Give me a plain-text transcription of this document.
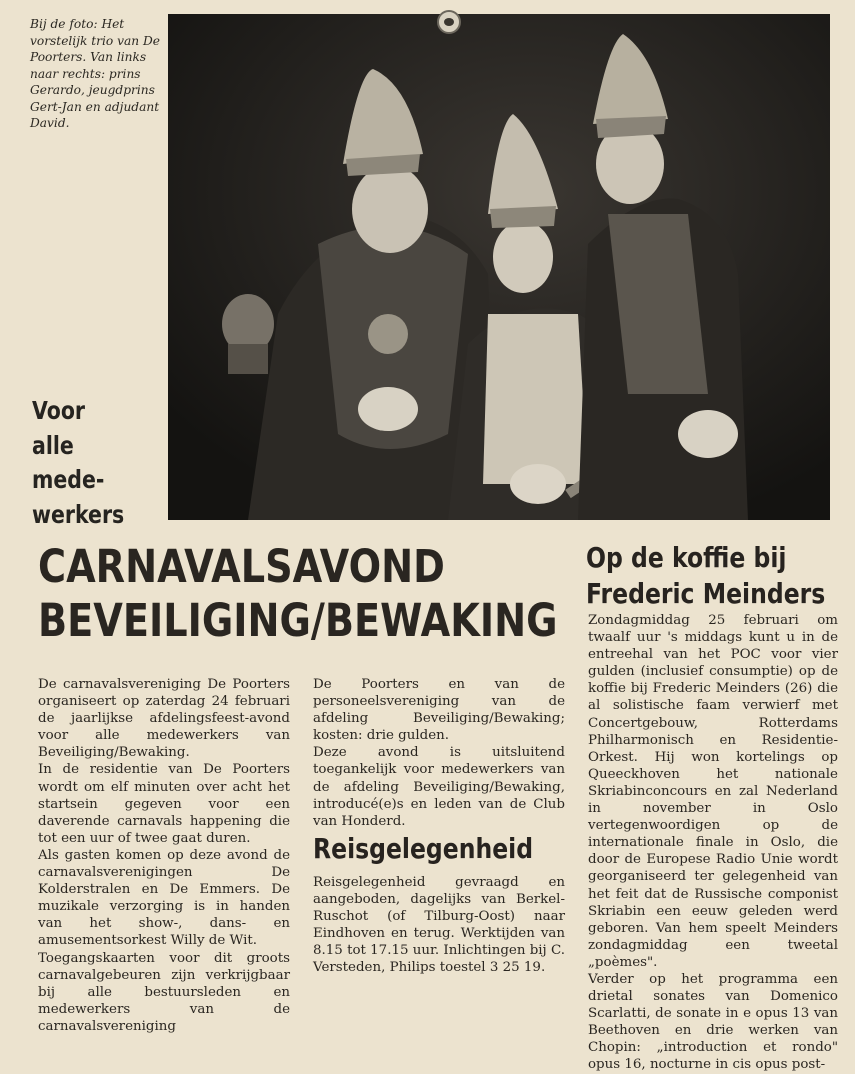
Bij de foto: Het vorstelijk trio van De Poorters. Van links naar rechts: prins Gerardo, jeugdprins Gert-Jan en adjudant David.
Voor
alle
mede-
werkers
CARNAVALSAVOND
BEVEILIGING/BEWAKING

De carnavalsvereniging De Poorters organiseert op zaterdag 24 februari de jaarlijkse afdelingsfeest-avond voor alle medewerkers van Beveiliging/Bewaking.

In de residentie van De Poorters wordt om elf minuten over acht het startsein gegeven voor een daverende carnavals happening die tot een uur of twee gaat duren.

Als gasten komen op deze avond de carnavalsverenigingen De Kolderstralen en De Emmers. De muzikale verzorging is in handen van het show-, dans- en amusementsorkest Willy de Wit.

Toegangskaarten voor dit groots carnavalgebeuren zijn verkrijgbaar bij alle bestuursleden en medewerkers van de carnavalsvereniging

De Poorters en van de personeelsvereniging van de afdeling Beveiliging/Bewaking; kosten: drie gulden.

Deze avond is uitsluitend toegankelijk voor medewerkers van de afdeling Beveiliging/Bewaking, introducé(e)s en leden van de Club van Honderd.

Reisgelegenheid

Reisgelegenheid gevraagd en aangeboden, dagelijks van Berkel-Ruschot (of Tilburg-Oost) naar Eindhoven en terug. Werktijden van 8.15 tot 17.15 uur. Inlichtingen bij C. Versteden, Philips toestel 3 25 19.

Op de koffie bij
Frederic Meinders

Zondagmiddag 25 februari om twaalf uur 's middags kunt u in de entreehal van het POC voor vier gulden (inclusief consumptie) op de koffie bij Frederic Meinders (26) die al solistische faam verwierf met Concertgebouw, Rotterdams Philharmonisch en Residentie-Orkest. Hij won kortelings op Queeckhoven het nationale Skriabinconcours en zal Nederland in november in Oslo vertegenwoordigen op de internationale finale in Oslo, die door de Europese Radio Unie wordt georganiseerd ter gelegenheid van het feit dat de Russische componist Skriabin een eeuw geleden werd geboren. Van hem speelt Meinders zondagmiddag een tweetal „poèmes".

Verder op het programma een drietal sonates van Domenico Scarlatti, de sonate in e opus 13 van Beethoven en drie werken van Chopin: „introduction et rondo" opus 16, nocturne in cis opus post-
